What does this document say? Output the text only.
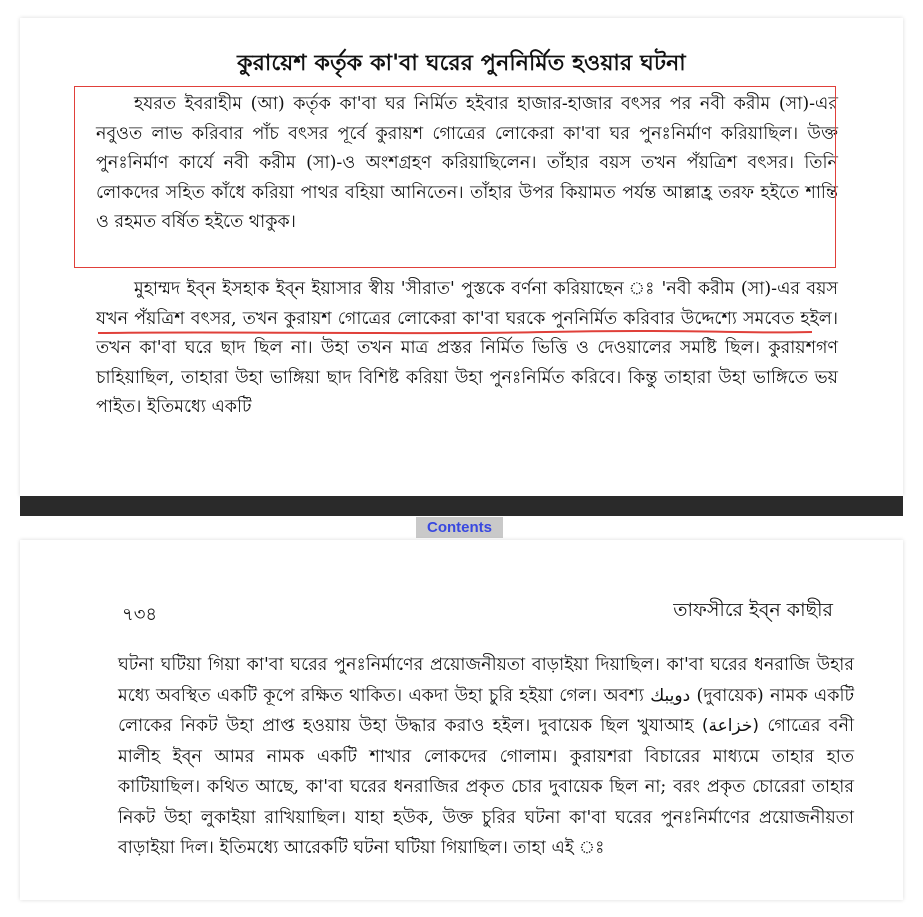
কুরায়েশ কর্তৃক কা'বা ঘরের পুননির্মিত হওয়ার ঘটনা

হযরত ইবরাহীম (আ) কর্তৃক কা'বা ঘর নির্মিত হইবার হাজার-হাজার বৎসর পর নবী করীম (সা)-এর নবুওত লাভ করিবার পাঁচ বৎসর পূর্বে কুরায়শ গোত্রের লোকেরা কা'বা ঘর পুনঃনির্মাণ করিয়াছিল। উক্ত পুনঃনির্মাণ কার্যে নবী করীম (সা)-ও অংশগ্রহণ করিয়াছিলেন। তাঁহার বয়স তখন পঁয়ত্রিশ বৎসর। তিনি লোকদের সহিত কাঁধে করিয়া পাথর বহিয়া আনিতেন। তাঁহার উপর কিয়ামত পর্যন্ত আল্লাহ্র তরফ হইতে শান্তি ও রহমত বর্ষিত হইতে থাকুক।

মুহাম্মদ ইব্ন ইসহাক ইব্ন ইয়াসার স্বীয় 'সীরাত' পুস্তকে বর্ণনা করিয়াছেন ঃ 'নবী করীম (সা)-এর বয়স যখন পঁয়ত্রিশ বৎসর, তখন কুরায়শ গোত্রের লোকেরা কা'বা ঘরকে পুননির্মিত করিবার উদ্দেশ্যে সমবেত হইল। তখন কা'বা ঘরে ছাদ ছিল না। উহা তখন মাত্র প্রস্তর নির্মিত ভিত্তি ও দেওয়ালের সমষ্টি ছিল। কুরায়শগণ চাহিয়াছিল, তাহারা উহা ভাঙ্গিয়া ছাদ বিশিষ্ট করিয়া উহা পুনঃনির্মিত করিবে। কিন্তু তাহারা উহা ভাঙ্গিতে ভয় পাইত। ইতিমধ্যে একটি

Contents
৭৩৪	তাফসীরে ইব্‌ন কাছীর

ঘটনা ঘটিয়া গিয়া কা'বা ঘরের পুনঃনির্মাণের প্রয়োজনীয়তা বাড়াইয়া দিয়াছিল। কা'বা ঘরের ধনরাজি উহার মধ্যে অবস্থিত একটি কূপে রক্ষিত থাকিত। একদা উহা চুরি হইয়া গেল। অবশ্য دويبك (দুবায়েক) নামক একটি লোকের নিকট উহা প্রাপ্ত হওয়ায় উহা উদ্ধার করাও হইল। দুবায়েক ছিল খুযাআহ (خزاعة) গোত্রের বনী মালীহ ইব্ন আমর নামক একটি শাখার লোকদের গোলাম। কুরায়শরা বিচারের মাধ্যমে তাহার হাত কাটিয়াছিল। কথিত আছে, কা'বা ঘরের ধনরাজির প্রকৃত চোর দুবায়েক ছিল না; বরং প্রকৃত চোরেরা তাহার নিকট উহা লুকাইয়া রাখিয়াছিল। যাহা হউক, উক্ত চুরির ঘটনা কা'বা ঘরের পুনঃনির্মাণের প্রয়োজনীয়তা বাড়াইয়া দিল। ইতিমধ্যে আরেকটি ঘটনা ঘটিয়া গিয়াছিল। তাহা এই ঃ
